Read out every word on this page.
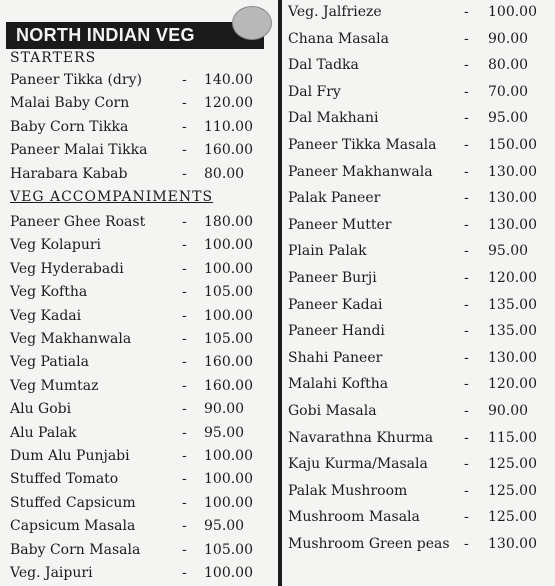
NORTH INDIAN VEG
STARTERS
Paneer Tikka (dry)	- 140.00
Malai Baby Corn	- 120.00
Baby Corn Tikka	- 110.00
Paneer Malai Tikka - 160.00
Harabara Kabab	- 80.00
VEG ACCOMPANIMENTS
Paneer Ghee Roast	- 180.00
Veg Kolapuri	- 100.00
Veg Hyderabadi	- 100.00
Veg Koftha	- 105.00
Veg Kadai	- 100.00
Veg Makhanwala	- 105.00
Veg Patiala	- 160.00
Veg Mumtaz	- 160.00
Alu Gobi	- 90.00
Alu Palak	- 95.00
Dum Alu Punjabi	- 100.00
Stuffed Tomato	- 100.00
Stuffed Capsicum	- 100.00
Capsicum Masala	- 95.00
Baby Corn Masala	- 105.00
Veg. Jaipuri	- 100.00
Veg. Jalfrieze	- 100.00
Chana Masala	- 90.00
Dal Tadka	- 80.00
Dal Fry	- 70.00
Dal Makhani	- 95.00
Paneer Tikka Masala - 150.00
Paneer Makhanwala - 130.00
Palak Paneer	- 130.00
Paneer Mutter	- 130.00
Plain Palak	- 95.00
Paneer Burji	- 120.00
Paneer Kadai	- 135.00
Paneer Handi	- 135.00
Shahi Paneer	- 130.00
Malahi Koftha	- 120.00
Gobi Masala	- 90.00
Navarathna Khurma - 115.00
Kaju Kurma/Masala	- 125.00
Palak Mushroom	- 125.00
Mushroom Masala	- 125.00
Mushroom Green peas - 130.00
